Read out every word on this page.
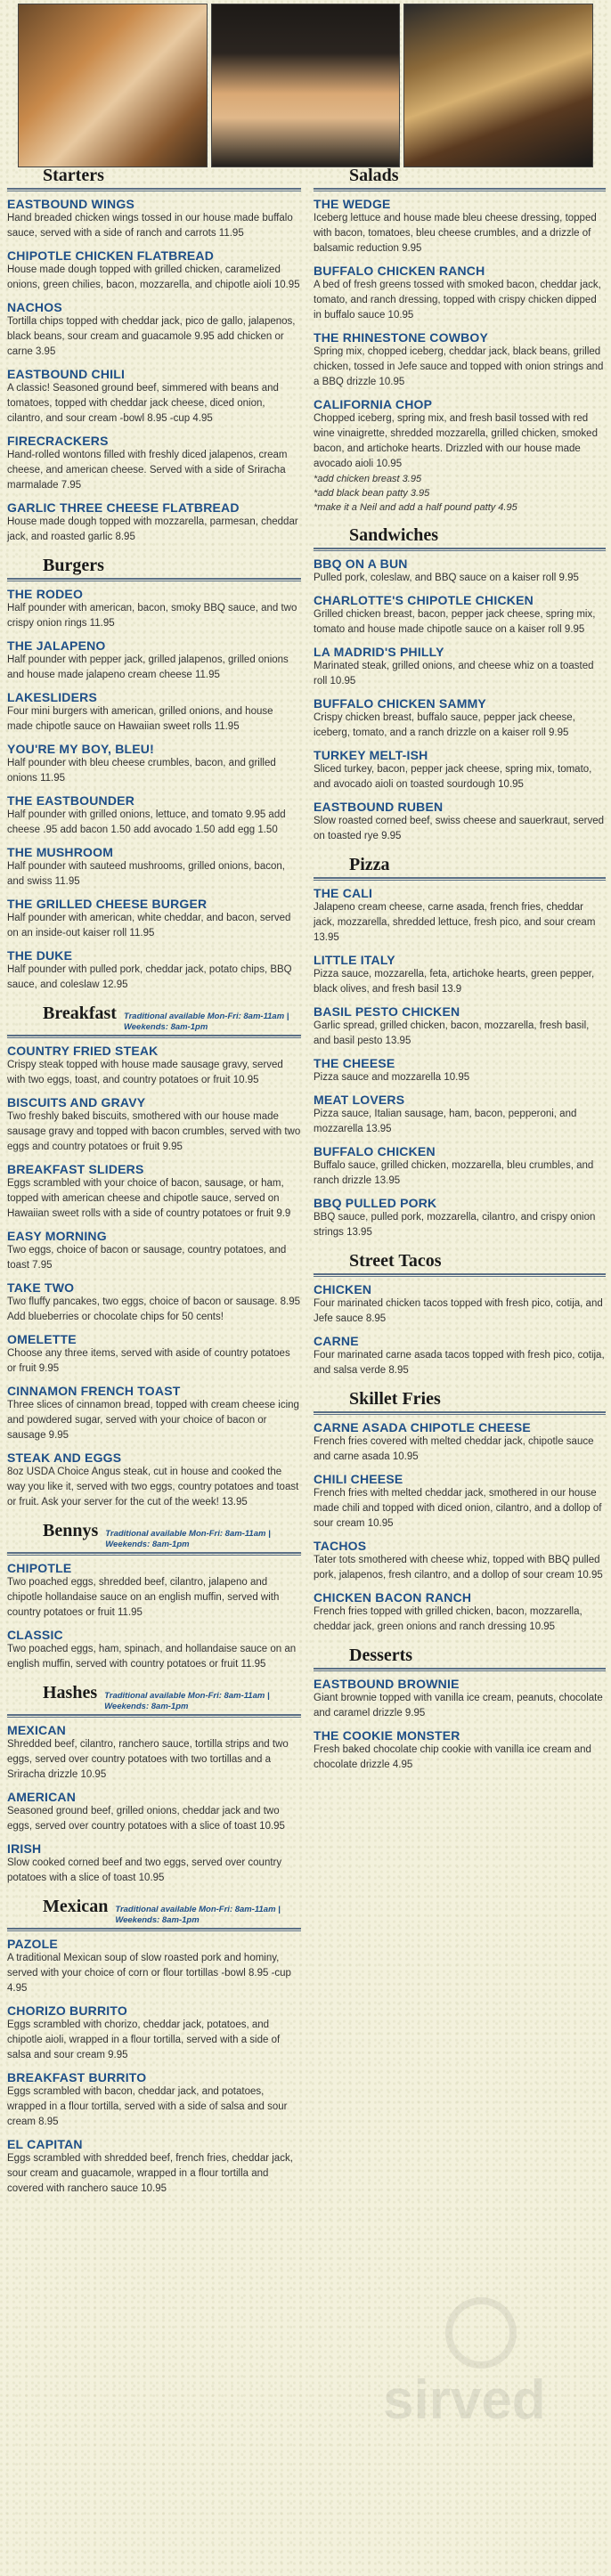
Starters
EASTBOUND WINGS
Hand breaded chicken wings tossed in our house made buffalo sauce, served with a side of ranch and carrots 11.95
CHIPOTLE CHICKEN FLATBREAD
House made dough topped with grilled chicken, caramelized onions, green chilies, bacon, mozzarella, and chipotle aioli 10.95
NACHOS
Tortilla chips topped with cheddar jack, pico de gallo, jalapenos, black beans, sour cream and guacamole 9.95 add chicken or carne 3.95
EASTBOUND CHILI
A classic! Seasoned ground beef, simmered with beans and tomatoes, topped with cheddar jack cheese, diced onion, cilantro, and sour cream -bowl 8.95 -cup 4.95
FIRECRACKERS
Hand-rolled wontons filled with freshly diced jalapenos, cream cheese, and american cheese. Served with a side of Sriracha marmalade 7.95
GARLIC THREE CHEESE FLATBREAD
House made dough topped with mozzarella, parmesan, cheddar jack, and roasted garlic 8.95
Burgers
THE RODEO
Half pounder with american, bacon, smoky BBQ sauce, and two crispy onion rings 11.95
THE JALAPENO
Half pounder with pepper jack, grilled jalapenos, grilled onions and house made jalapeno cream cheese 11.95
LAKESLIDERS
Four mini burgers with american, grilled onions, and house made chipotle sauce on Hawaiian sweet rolls 11.95
YOU'RE MY BOY, BLEU!
Half pounder with bleu cheese crumbles, bacon, and grilled onions 11.95
THE EASTBOUNDER
Half pounder with grilled onions, lettuce, and tomato 9.95 add cheese .95 add bacon 1.50 add avocado 1.50 add egg 1.50
THE MUSHROOM
Half pounder with sauteed mushrooms, grilled onions, bacon, and swiss 11.95
THE GRILLED CHEESE BURGER
Half pounder with american, white cheddar, and bacon, served on an inside-out kaiser roll 11.95
THE DUKE
Half pounder with pulled pork, cheddar jack, potato chips, BBQ sauce, and coleslaw 12.95
Breakfast Traditional available Mon-Fri: 8am-11am | Weekends: 8am-1pm
COUNTRY FRIED STEAK
Crispy steak topped with house made sausage gravy, served with two eggs, toast, and country potatoes or fruit 10.95
BISCUITS AND GRAVY
Two freshly baked biscuits, smothered with our house made sausage gravy and topped with bacon crumbles, served with two eggs and country potatoes or fruit 9.95
BREAKFAST SLIDERS
Eggs scrambled with your choice of bacon, sausage, or ham, topped with american cheese and chipotle sauce, served on Hawaiian sweet rolls with a side of country potatoes or fruit 9.9
EASY MORNING
Two eggs, choice of bacon or sausage, country potatoes, and toast 7.95
TAKE TWO
Two fluffy pancakes, two eggs, choice of bacon or sausage. 8.95 Add blueberries or chocolate chips for 50 cents!
OMELETTE
Choose any three items, served with aside of country potatoes or fruit 9.95
CINNAMON FRENCH TOAST
Three slices of cinnamon bread, topped with cream cheese icing and powdered sugar, served with your choice of bacon or sausage 9.95
STEAK AND EGGS
8oz USDA Choice Angus steak, cut in house and cooked the way you like it, served with two eggs, country potatoes and toast or fruit. Ask your server for the cut of the week! 13.95
Bennys Traditional available Mon-Fri: 8am-11am | Weekends: 8am-1pm
CHIPOTLE
Two poached eggs, shredded beef, cilantro, jalapeno and chipotle hollandaise sauce on an english muffin, served with country potatoes or fruit 11.95
CLASSIC
Two poached eggs, ham, spinach, and hollandaise sauce on an english muffin, served with country potatoes or fruit 11.95
Hashes Traditional available Mon-Fri: 8am-11am | Weekends: 8am-1pm
MEXICAN
Shredded beef, cilantro, ranchero sauce, tortilla strips and two eggs, served over country potatoes with two tortillas and a Sriracha drizzle 10.95
AMERICAN
Seasoned ground beef, grilled onions, cheddar jack and two eggs, served over country potatoes with a slice of toast 10.95
IRISH
Slow cooked corned beef and two eggs, served over country potatoes with a slice of toast 10.95
Mexican Traditional available Mon-Fri: 8am-11am | Weekends: 8am-1pm
PAZOLE
A traditional Mexican soup of slow roasted pork and hominy, served with your choice of corn or flour tortillas -bowl 8.95 -cup 4.95
CHORIZO BURRITO
Eggs scrambled with chorizo, cheddar jack, potatoes, and chipotle aioli, wrapped in a flour tortilla, served with a side of salsa and sour cream 9.95
BREAKFAST BURRITO
Eggs scrambled with bacon, cheddar jack, and potatoes, wrapped in a flour tortilla, served with a side of salsa and sour cream 8.95
EL CAPITAN
Eggs scrambled with shredded beef, french fries, cheddar jack, sour cream and guacamole, wrapped in a flour tortilla and covered with ranchero sauce 10.95
Salads
THE WEDGE
Iceberg lettuce and house made bleu cheese dressing, topped with bacon, tomatoes, bleu cheese crumbles, and a drizzle of balsamic reduction 9.95
BUFFALO CHICKEN RANCH
A bed of fresh greens tossed with smoked bacon, cheddar jack, tomato, and ranch dressing, topped with crispy chicken dipped in buffalo sauce 10.95
THE RHINESTONE COWBOY
Spring mix, chopped iceberg, cheddar jack, black beans, grilled chicken, tossed in Jefe sauce and topped with onion strings and a BBQ drizzle 10.95
CALIFORNIA CHOP
Chopped iceberg, spring mix, and fresh basil tossed with red wine vinaigrette, shredded mozzarella, grilled chicken, smoked bacon, and artichoke hearts. Drizzled with our house made avocado aioli 10.95
*add chicken breast 3.95
*add black bean patty 3.95
*make it a Neil and add a half pound patty 4.95
Sandwiches
BBQ ON A BUN
Pulled pork, coleslaw, and BBQ sauce on a kaiser roll 9.95
CHARLOTTE'S CHIPOTLE CHICKEN
Grilled chicken breast, bacon, pepper jack cheese, spring mix, tomato and house made chipotle sauce on a kaiser roll 9.95
LA MADRID'S PHILLY
Marinated steak, grilled onions, and cheese whiz on a toasted roll 10.95
BUFFALO CHICKEN SAMMY
Crispy chicken breast, buffalo sauce, pepper jack cheese, iceberg, tomato, and a ranch drizzle on a kaiser roll 9.95
TURKEY MELT-ISH
Sliced turkey, bacon, pepper jack cheese, spring mix, tomato, and avocado aioli on toasted sourdough 10.95
EASTBOUND RUBEN
Slow roasted corned beef, swiss cheese and sauerkraut, served on toasted rye 9.95
Pizza
THE CALI
Jalapeno cream cheese, carne asada, french fries, cheddar jack, mozzarella, shredded lettuce, fresh pico, and sour cream 13.95
LITTLE ITALY
Pizza sauce, mozzarella, feta, artichoke hearts, green pepper, black olives, and fresh basil 13.9
BASIL PESTO CHICKEN
Garlic spread, grilled chicken, bacon, mozzarella, fresh basil, and basil pesto 13.95
THE CHEESE
Pizza sauce and mozzarella 10.95
MEAT LOVERS
Pizza sauce, Italian sausage, ham, bacon, pepperoni, and mozzarella 13.95
BUFFALO CHICKEN
Buffalo sauce, grilled chicken, mozzarella, bleu crumbles, and ranch drizzle 13.95
BBQ PULLED PORK
BBQ sauce, pulled pork, mozzarella, cilantro, and crispy onion strings 13.95
Street Tacos
CHICKEN
Four marinated chicken tacos topped with fresh pico, cotija, and Jefe sauce 8.95
CARNE
Four marinated carne asada tacos topped with fresh pico, cotija, and salsa verde 8.95
Skillet Fries
CARNE ASADA CHIPOTLE CHEESE
French fries covered with melted cheddar jack, chipotle sauce and carne asada 10.95
CHILI CHEESE
French fries with melted cheddar jack, smothered in our house made chili and topped with diced onion, cilantro, and a dollop of sour cream 10.95
TACHOS
Tater tots smothered with cheese whiz, topped with BBQ pulled pork, jalapenos, fresh cilantro, and a dollop of sour cream 10.95
CHICKEN BACON RANCH
French fries topped with grilled chicken, bacon, mozzarella, cheddar jack, green onions and ranch dressing 10.95
Desserts
EASTBOUND BROWNIE
Giant brownie topped with vanilla ice cream, peanuts, chocolate and caramel drizzle 9.95
THE COOKIE MONSTER
Fresh baked chocolate chip cookie with vanilla ice cream and chocolate drizzle 4.95
sirved
